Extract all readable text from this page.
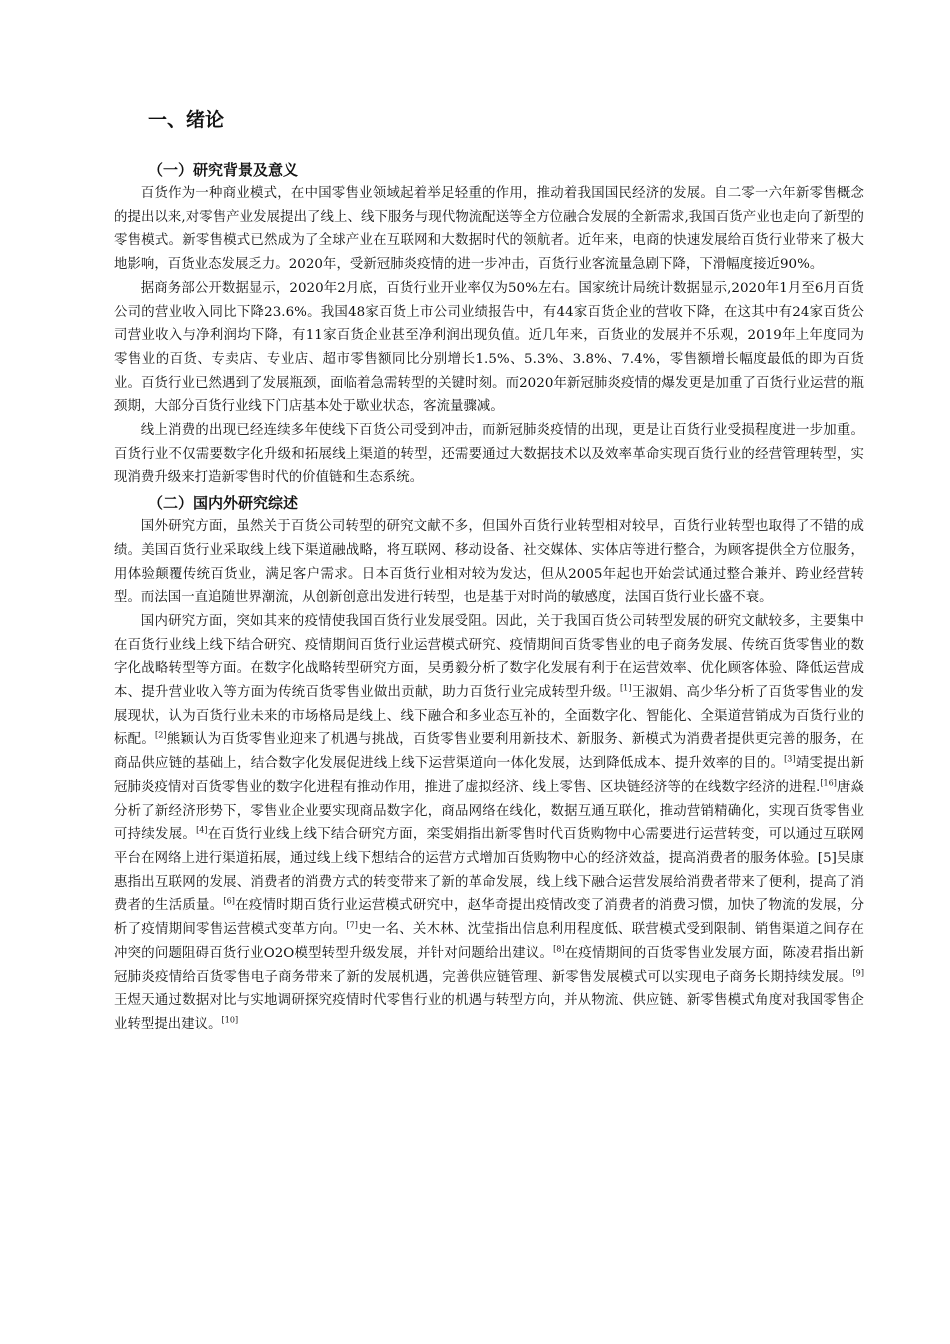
一、绪论
（一）研究背景及意义

百货作为一种商业模式，在中国零售业领域起着举足轻重的作用，推动着我国国民经济的发展。自二零一六年新零售概念的提出以来,对零售产业发展提出了线上、线下服务与现代物流配送等全方位融合发展的全新需求,我国百货产业也走向了新型的零售模式。新零售模式已然成为了全球产业在互联网和大数据时代的领航者。近年来，电商的快速发展给百货行业带来了极大地影响，百货业态发展乏力。2020年，受新冠肺炎疫情的进一步冲击，百货行业客流量急剧下降，下滑幅度接近90%。

据商务部公开数据显示，2020年2月底，百货行业开业率仅为50%左右。国家统计局统计数据显示,2020年1月至6月百货公司的营业收入同比下降23.6%。我国48家百货上市公司业绩报告中，有44家百货企业的营收下降，在这其中有24家百货公司营业收入与净利润均下降，有11家百货企业甚至净利润出现负值。近几年来，百货业的发展并不乐观，2019年上年度同为零售业的百货、专卖店、专业店、超市零售额同比分别增长1.5%、5.3%、3.8%、7.4%，零售额增长幅度最低的即为百货业。百货行业已然遇到了发展瓶颈，面临着急需转型的关键时刻。而2020年新冠肺炎疫情的爆发更是加重了百货行业运营的瓶颈期，大部分百货行业线下门店基本处于歇业状态，客流量骤减。

线上消费的出现已经连续多年使线下百货公司受到冲击，而新冠肺炎疫情的出现，更是让百货行业受损程度进一步加重。百货行业不仅需要数字化升级和拓展线上渠道的转型，还需要通过大数据技术以及效率革命实现百货行业的经营管理转型，实现消费升级来打造新零售时代的价值链和生态系统。

（二）国内外研究综述

国外研究方面，虽然关于百货公司转型的研究文献不多，但国外百货行业转型相对较早，百货行业转型也取得了不错的成绩。美国百货行业采取线上线下渠道融战略，将互联网、移动设备、社交媒体、实体店等进行整合，为顾客提供全方位服务，用体验颠覆传统百货业，满足客户需求。日本百货行业相对较为发达，但从2005年起也开始尝试通过整合兼并、跨业经营转型。而法国一直追随世界潮流，从创新创意出发进行转型，也是基于对时尚的敏感度，法国百货行业长盛不衰。

国内研究方面，突如其来的疫情使我国百货行业发展受阻。因此，关于我国百货公司转型发展的研究文献较多，主要集中在百货行业线上线下结合研究、疫情期间百货行业运营模式研究、疫情期间百货零售业的电子商务发展、传统百货零售业的数字化战略转型等方面。在数字化战略转型研究方面，吴勇毅分析了数字化发展有利于在运营效率、优化顾客体验、降低运营成本、提升营业收入等方面为传统百货零售业做出贡献，助力百货行业完成转型升级。[1]王淑娟、高少华分析了百货零售业的发展现状，认为百货行业未来的市场格局是线上、线下融合和多业态互补的，全面数字化、智能化、全渠道营销成为百货行业的标配。[2]熊颖认为百货零售业迎来了机遇与挑战，百货零售业要利用新技术、新服务、新模式为消费者提供更完善的服务，在商品供应链的基础上，结合数字化发展促进线上线下运营渠道向一体化发展，达到降低成本、提升效率的目的。[3]靖雯提出新冠肺炎疫情对百货零售业的数字化进程有推动作用，推进了虚拟经济、线上零售、区块链经济等的在线数字经济的进程.[16]唐焱分析了新经济形势下，零售业企业要实现商品数字化，商品网络在线化，数据互通互联化，推动营销精确化，实现百货零售业可持续发展。[4]在百货行业线上线下结合研究方面，栾雯娟指出新零售时代百货购物中心需要进行运营转变，可以通过互联网平台在网络上进行渠道拓展，通过线上线下想结合的运营方式增加百货购物中心的经济效益，提高消费者的服务体验。[5]吴康惠指出互联网的发展、消费者的消费方式的转变带来了新的革命发展，线上线下融合运营发展给消费者带来了便利，提高了消费者的生活质量。[6]在疫情时期百货行业运营模式研究中，赵华奇提出疫情改变了消费者的消费习惯，加快了物流的发展，分析了疫情期间零售运营模式变革方向。[7]史一名、关木林、沈莹指出信息利用程度低、联营模式受到限制、销售渠道之间存在冲突的问题阻碍百货行业O2O模型转型升级发展，并针对问题给出建议。[8]在疫情期间的百货零售业发展方面，陈凌君指出新冠肺炎疫情给百货零售电子商务带来了新的发展机遇，完善供应链管理、新零售发展模式可以实现电子商务长期持续发展。[9]王煜天通过数据对比与实地调研探究疫情时代零售行业的机遇与转型方向，并从物流、供应链、新零售模式角度对我国零售企业转型提出建议。[10]
